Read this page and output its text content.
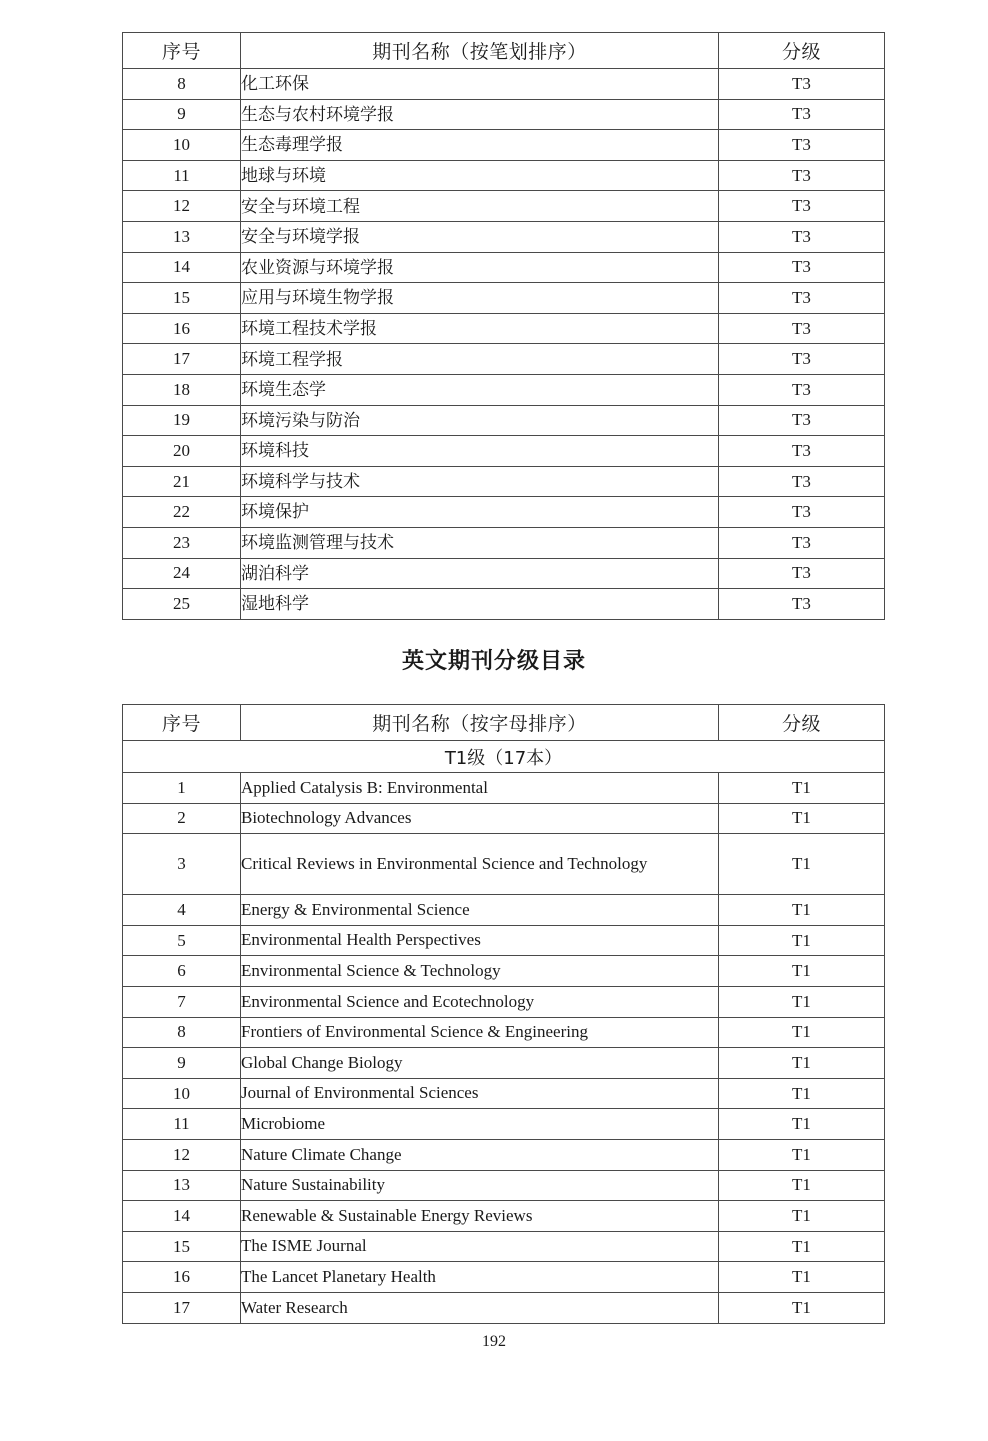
序号	期刊名称（按笔划排序）	分级
8	化工环保	T3
9	生态与农村环境学报	T3
10	生态毒理学报	T3
11	地球与环境	T3
12	安全与环境工程	T3
13	安全与环境学报	T3
14	农业资源与环境学报	T3
15	应用与环境生物学报	T3
16	环境工程技术学报	T3
17	环境工程学报	T3
18	环境生态学	T3
19	环境污染与防治	T3
20	环境科技	T3
21	环境科学与技术	T3
22	环境保护	T3
23	环境监测管理与技术	T3
24	湖泊科学	T3
25	湿地科学	T3
英文期刊分级目录
序号	期刊名称（按字母排序）	分级
T1级（17本）		
1	Applied Catalysis B: Environmental	T1
2	Biotechnology Advances	T1
3	Critical Reviews in Environmental Science and Technology	T1
4	Energy & Environmental Science	T1
5	Environmental Health Perspectives	T1
6	Environmental Science & Technology	T1
7	Environmental Science and Ecotechnology	T1
8	Frontiers of Environmental Science & Engineering	T1
9	Global Change Biology	T1
10	Journal of Environmental Sciences	T1
11	Microbiome	T1
12	Nature Climate Change	T1
13	Nature Sustainability	T1
14	Renewable & Sustainable Energy Reviews	T1
15	The ISME Journal	T1
16	The Lancet Planetary Health	T1
17	Water Research	T1
192
